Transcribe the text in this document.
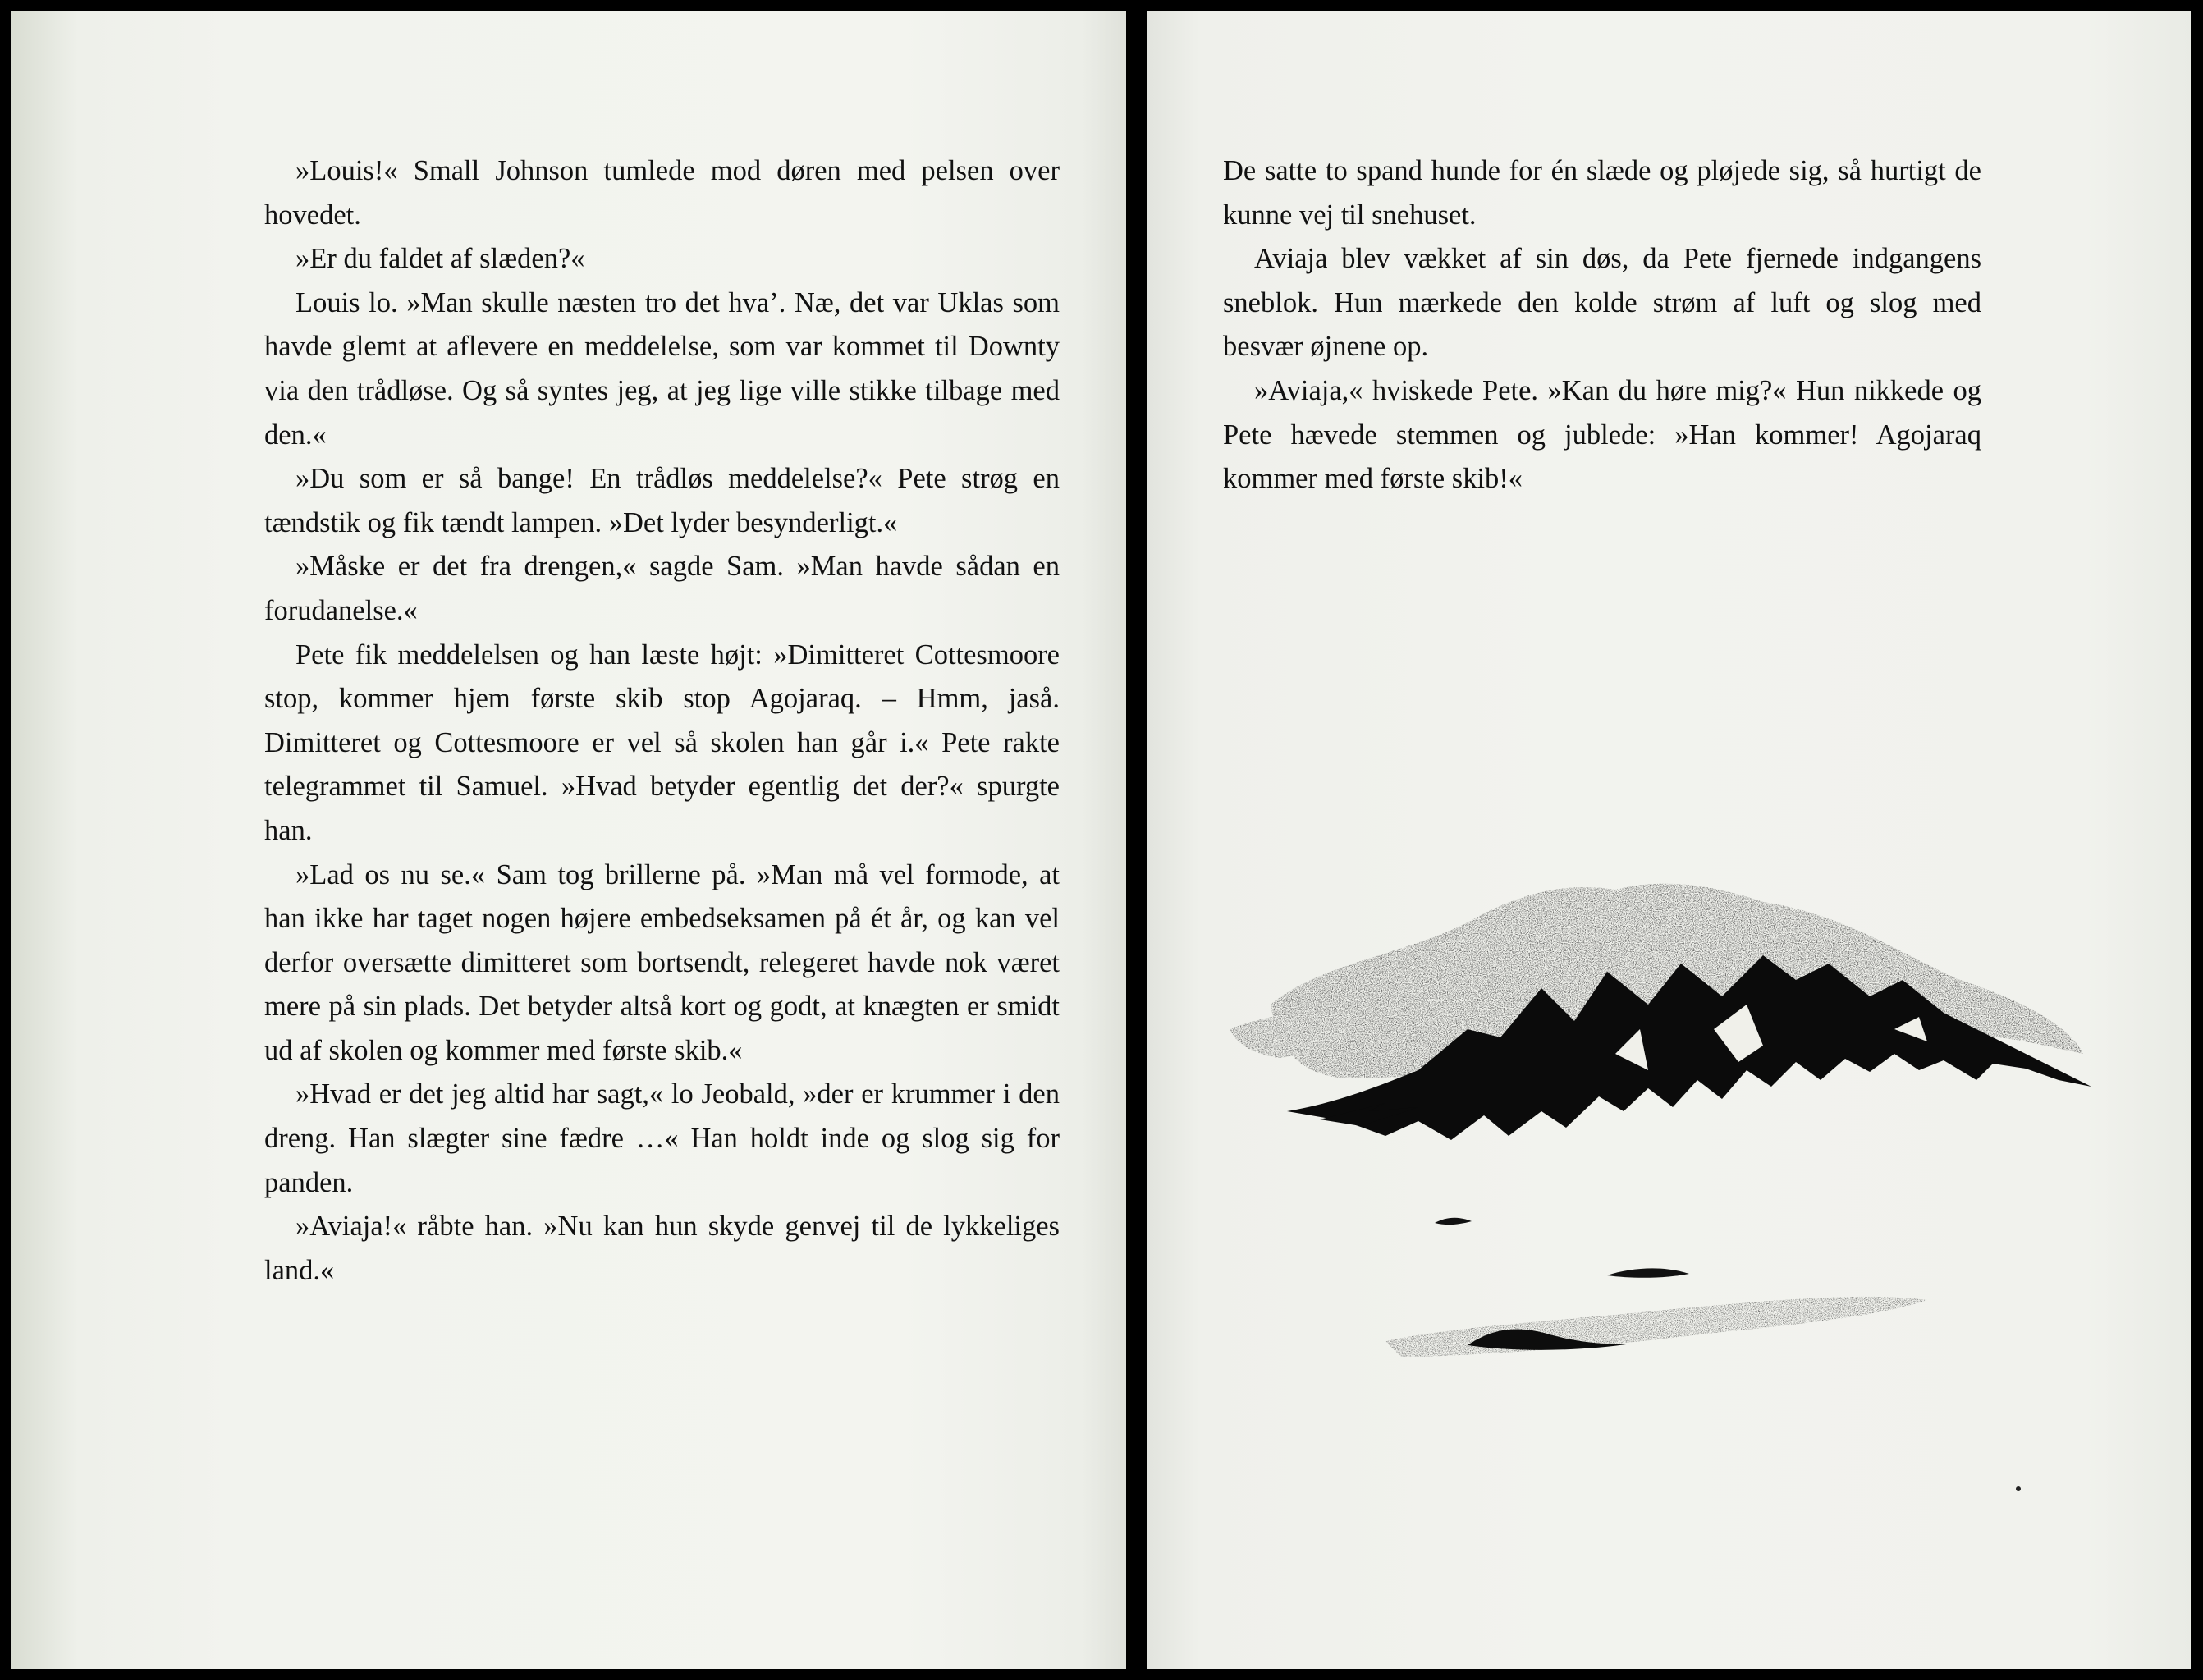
»Louis!« Small Johnson tumlede mod døren med pelsen over hovedet.

»Er du faldet af slæden?«

Louis lo. »Man skulle næsten tro det hva’. Næ, det var Uklas som havde glemt at aflevere en meddelelse, som var kommet til Downty via den trådløse. Og så syntes jeg, at jeg lige ville stikke tilbage med den.«

»Du som er så bange! En trådløs meddelelse?« Pete strøg en tændstik og fik tændt lampen. »Det lyder besynderligt.«

»Måske er det fra drengen,« sagde Sam. »Man havde sådan en forudanelse.«

Pete fik meddelelsen og han læste højt: »Dimitteret Cottesmoore stop, kommer hjem første skib stop Agojaraq. – Hmm, jaså. Dimitteret og Cottesmoore er vel så skolen han går i.« Pete rakte telegrammet til Samuel. »Hvad betyder egentlig det der?« spurgte han.

»Lad os nu se.« Sam tog brillerne på. »Man må vel formode, at han ikke har taget nogen højere embedseksamen på ét år, og kan vel derfor oversætte dimitteret som bortsendt, relegeret havde nok været mere på sin plads. Det betyder altså kort og godt, at knægten er smidt ud af skolen og kommer med første skib.«

»Hvad er det jeg altid har sagt,« lo Jeobald, »der er krummer i den dreng. Han slægter sine fædre …« Han holdt inde og slog sig for panden.

»Aviaja!« råbte han. »Nu kan hun skyde genvej til de lykkeliges land.«

De satte to spand hunde for én slæde og pløjede sig, så hurtigt de kunne vej til snehuset.

Aviaja blev vækket af sin døs, da Pete fjernede indgangens sneblok. Hun mærkede den kolde strøm af luft og slog med besvær øjnene op.

»Aviaja,« hviskede Pete. »Kan du høre mig?« Hun nikkede og Pete hævede stemmen og jublede: »Han kommer! Agojaraq kommer med første skib!«
